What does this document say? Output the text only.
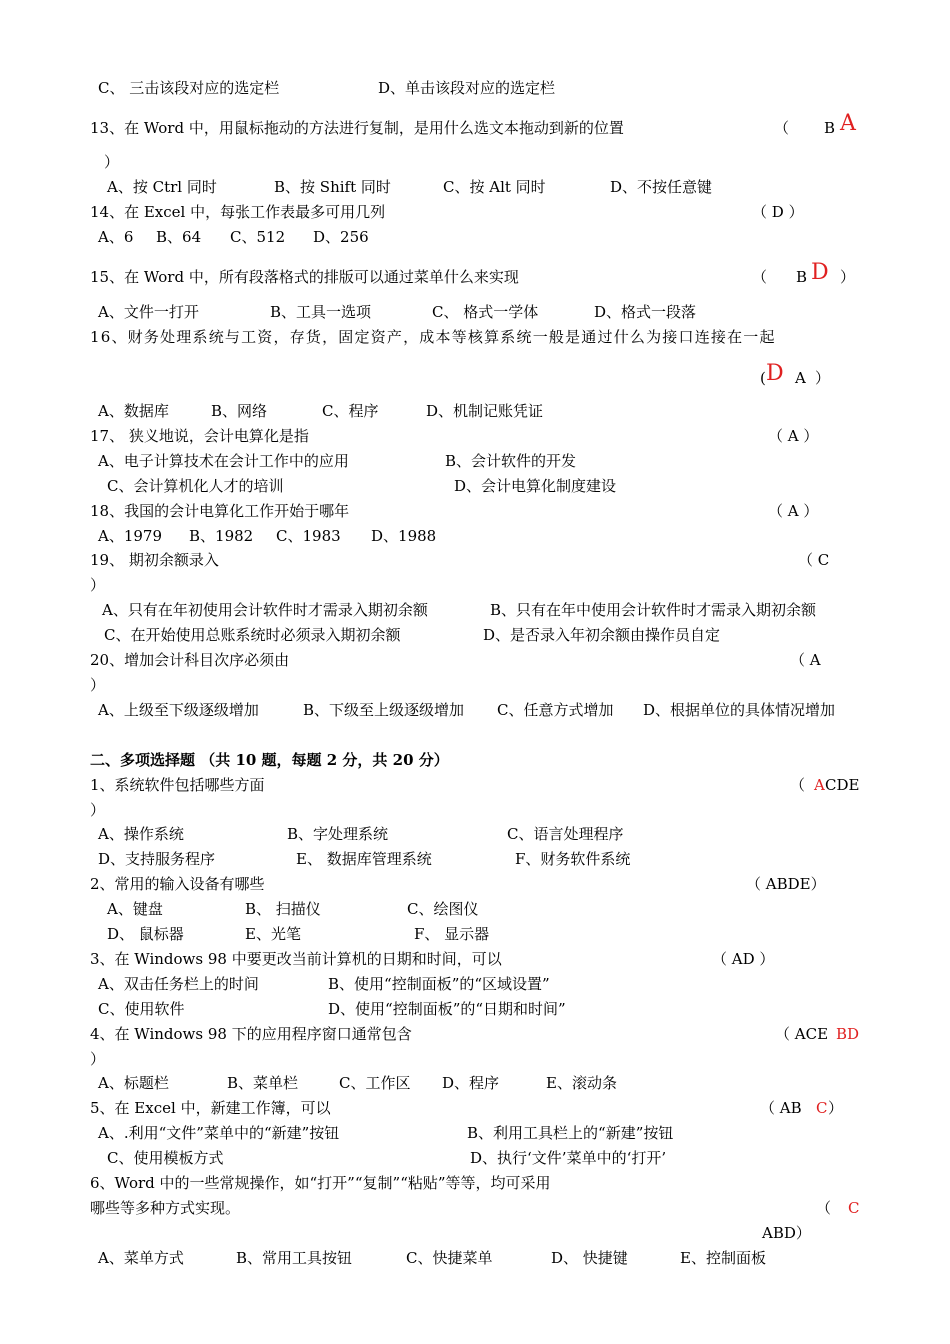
C、 三击该段对应的选定栏	D、单击该段对应的选定栏
13、在 Word 中，用鼠标拖动的方法进行复制，是用什么选文本拖动到新的位置	（ B A
）
A、按 Ctrl 同时	B、按 Shift 同时	C、按 Alt 同时	D、不按任意键
14、在 Excel 中，每张工作表最多可用几列	（ D ）
A、6 B、64 C、512 D、256
15、在 Word 中，所有段落格式的排版可以通过菜单什么来实现	（ B D ）
A、文件一打开	B、工具一选项	C、 格式一学体	D、格式一段落
16、财务处理系统与工资，存货，固定资产，成本等核算系统一般是通过什么为接口连接在一起
( D A ）
A、数据库	B、网络	C、程序	D、机制记账凭证
17、 狭义地说，会计电算化是指	（ A ）
A、电子计算技术在会计工作中的应用	B、会计软件的开发
C、会计算机化人才的培训	D、会计电算化制度建设
18、我国的会计电算化工作开始于哪年	（ A ）
A、1979 B、1982 C、1983 D、1988
19、 期初余额录入	（ C
）
A、只有在年初使用会计软件时才需录入期初余额	B、只有在年中使用会计软件时才需录入期初余额
C、在开始使用总账系统时必须录入期初余额	D、是否录入年初余额由操作员自定
20、增加会计科目次序必须由	（ A
）
A、上级至下级逐级增加	B、下级至上级逐级增加 C、任意方式增加 D、根据单位的具体情况增加
二、多项选择题 （共 10 题，每题 2 分，共 20 分）
1、系统软件包括哪些方面	（ A CDE
）
A、操作系统	B、字处理系统	C、语言处理程序
D、支持服务程序	E、 数据库管理系统	F、财务软件系统
2、常用的输入设备有哪些	（ ABDE）
A、键盘	B、 扫描仪	C、绘图仪
D、 鼠标器	E、光笔	F、 显示器
3、在 Windows 98 中要更改当前计算机的日期和时间，可以	（ AD ）
A、双击任务栏上的时间	B、使用“控制面板”的“区域设置”
C、使用软件	D、使用“控制面板”的“日期和时间”
4、在 Windows 98 下的应用程序窗口通常包含	（ ACE BD
）
A、标题栏	B、菜单栏	C、工作区 D、程序	E、滚动条
5、在 Excel 中，新建工作簿，可以	（ AB C ）
A、.利用“文件”菜单中的“新建”按钮	B、利用工具栏上的“新建”按钮
C、使用模板方式	D、执行‘文件’菜单中的‘打开’
6、Word 中的一些常规操作，如“打开”“复制”“粘贴”等等，均可采用
哪些等多种方式实现。	（ C
ABD）
A、菜单方式	B、常用工具按钮	C、快捷菜单	D、 快捷键	E、控制面板
